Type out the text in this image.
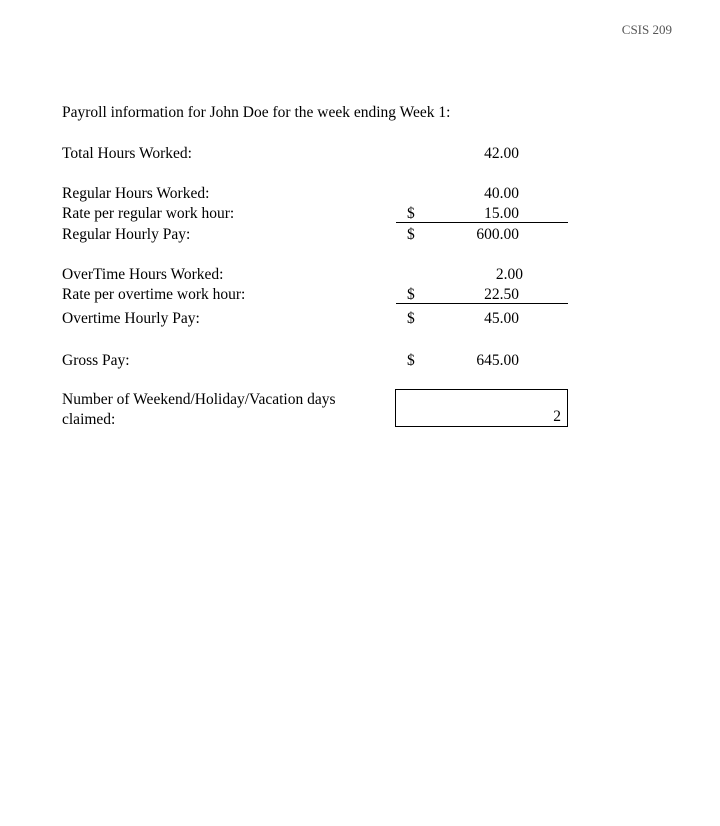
CSIS 209
Payroll information for John Doe for the week ending Week 1:
Total Hours Worked:	42.00
Regular Hours Worked:	40.00
Rate per regular work hour:	$	15.00
Regular Hourly Pay:	$	600.00
OverTime Hours Worked:	2.00
Rate per overtime work hour:	$	22.50
Overtime Hourly Pay:	$	45.00
Gross Pay:	$	645.00
Number of Weekend/Holiday/Vacation days
claimed:	2
